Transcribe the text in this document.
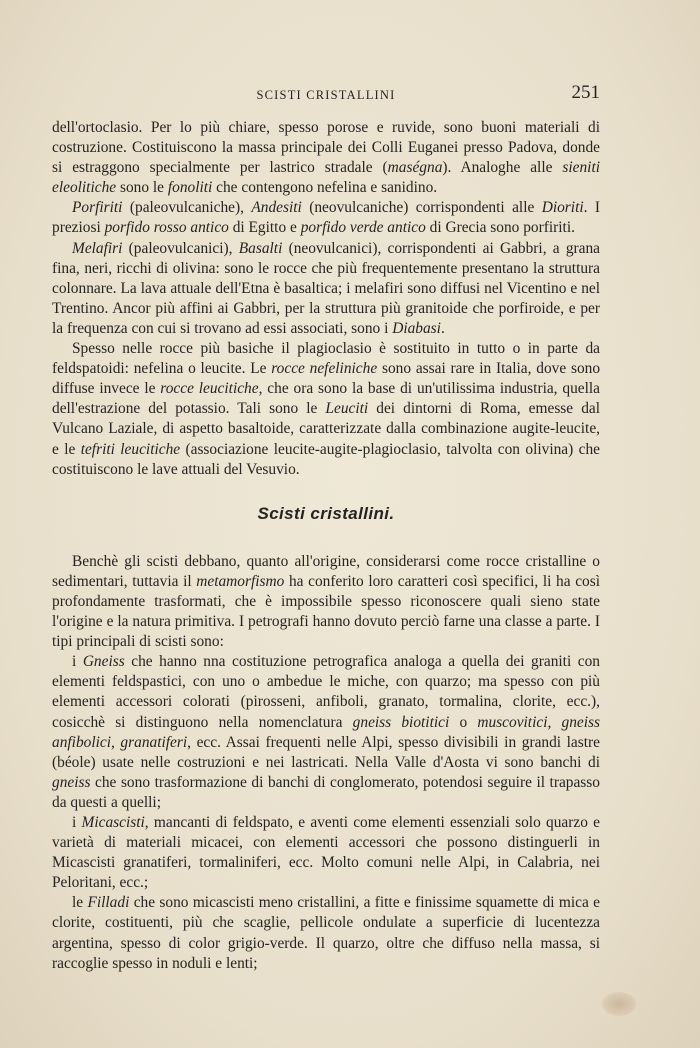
SCISTI CRISTALLINI	251

dell'ortoclasio. Per lo più chiare, spesso porose e ruvide, sono buoni materiali di costruzione. Costituiscono la massa principale dei Colli Euganei presso Padova, donde si estraggono specialmente per lastrico stradale (maségna). Analoghe alle sieniti eleolitiche sono le fonoliti che contengono nefelina e sanidino.

Porfiriti (paleovulcaniche), Andesiti (neovulcaniche) corrispondenti alle Dioriti. I preziosi porfido rosso antico di Egitto e porfido verde antico di Grecia sono porfiriti.

Melafiri (paleovulcanici), Basalti (neovulcanici), corrispondenti ai Gabbri, a grana fina, neri, ricchi di olivina: sono le rocce che più frequentemente presentano la struttura colonnare. La lava attuale dell'Etna è basaltica; i melafiri sono diffusi nel Vicentino e nel Trentino. Ancor più affini ai Gabbri, per la struttura più granitoide che porfiroide, e per la frequenza con cui si trovano ad essi associati, sono i Diabasi.

Spesso nelle rocce più basiche il plagioclasio è sostituito in tutto o in parte da feldspatoidi: nefelina o leucite. Le rocce nefeliniche sono assai rare in Italia, dove sono diffuse invece le rocce leucitiche, che ora sono la base di un'utilissima industria, quella dell'estrazione del potassio. Tali sono le Leuciti dei dintorni di Roma, emesse dal Vulcano Laziale, di aspetto basaltoide, caratterizzate dalla combinazione augite-leucite, e le tefriti leucitiche (associazione leucite-augite-plagioclasio, talvolta con olivina) che costituiscono le lave attuali del Vesuvio.

Scisti cristallini.

Benchè gli scisti debbano, quanto all'origine, considerarsi come rocce cristalline o sedimentari, tuttavia il metamorfismo ha conferito loro caratteri così specifici, li ha così profondamente trasformati, che è impossibile spesso riconoscere quali sieno state l'origine e la natura primitiva. I petrografi hanno dovuto perciò farne una classe a parte. I tipi principali di scisti sono:

i Gneiss che hanno nna costituzione petrografica analoga a quella dei graniti con elementi feldspastici, con uno o ambedue le miche, con quarzo; ma spesso con più elementi accessori colorati (pirosseni, anfiboli, granato, tormalina, clorite, ecc.), cosicchè si distinguono nella nomenclatura gneiss biotitici o muscovitici, gneiss anfibolici, granatiferi, ecc. Assai frequenti nelle Alpi, spesso divisibili in grandi lastre (béole) usate nelle costruzioni e nei lastricati. Nella Valle d'Aosta vi sono banchi di gneiss che sono trasformazione di banchi di conglomerato, potendosi seguire il trapasso da questi a quelli;

i Micascisti, mancanti di feldspato, e aventi come elementi essenziali solo quarzo e varietà di materiali micacei, con elementi accessori che possono distinguerli in Micascisti granatiferi, tormaliniferi, ecc. Molto comuni nelle Alpi, in Calabria, nei Peloritani, ecc.;

le Filladi che sono micascisti meno cristallini, a fitte e finissime squamette di mica e clorite, costituenti, più che scaglie, pellicole ondulate a superficie di lucentezza argentina, spesso di color grigio-verde. Il quarzo, oltre che diffuso nella massa, si raccoglie spesso in noduli e lenti;
